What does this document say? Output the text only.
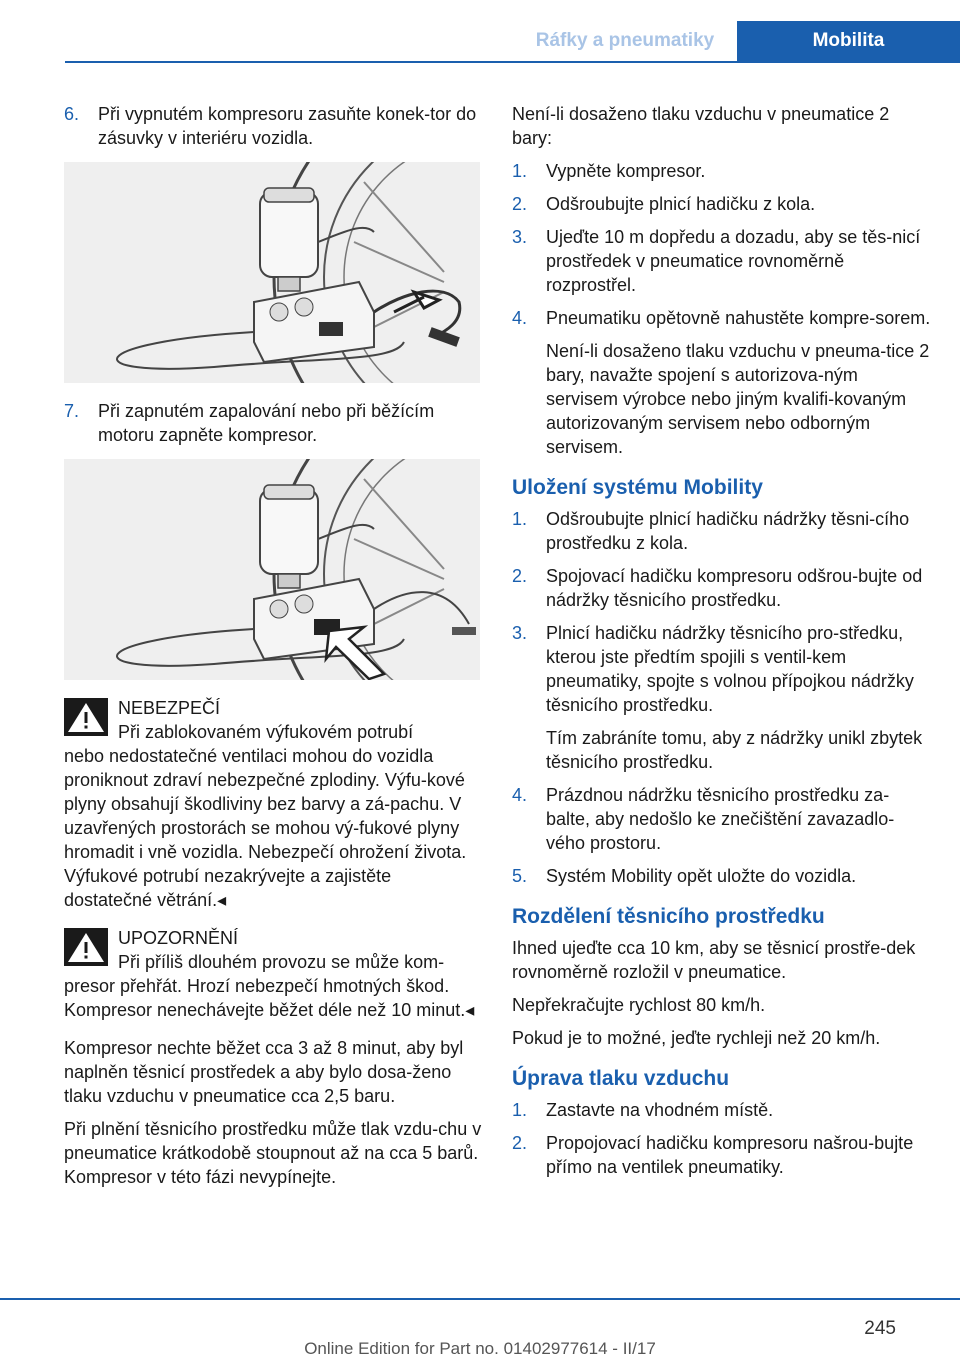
Ráfky a pneumatiky	Mobilita
6.	Při vypnutém kompresoru zasuňte konek-tor do zásuvky v interiéru vozidla.
7.	Při zapnutém zapalování nebo při běžícím motoru zapněte kompresor.
NEBEZPEČÍ
Při zablokovaném výfukovém potrubí
nebo nedostatečné ventilaci mohou do vozidla proniknout zdraví nebezpečné zplodiny. Výfu-kové plyny obsahují škodliviny bez barvy a zá-pachu. V uzavřených prostorách se mohou vý-fukové plyny hromadit i vně vozidla. Nebezpečí ohrožení života. Výfukové potrubí nezakrývejte a zajistěte dostatečné větrání.◂
UPOZORNĚNÍ
Při příliš dlouhém provozu se může kom-
presor přehřát. Hrozí nebezpečí hmotných škod. Kompresor nenechávejte běžet déle než 10 minut.◂

Kompresor nechte běžet cca 3 až 8 minut, aby byl naplněn těsnicí prostředek a aby bylo dosa-ženo tlaku vzduchu v pneumatice cca 2,5 baru.

Při plnění těsnicího prostředku může tlak vzdu-chu v pneumatice krátkodobě stoupnout až na cca 5 barů. Kompresor v této fázi nevypínejte.

Není-li dosaženo tlaku vzduchu v pneumatice 2 bary:

1.	Vypněte kompresor.
2.	Odšroubujte plnicí hadičku z kola.
3.	Ujeďte 10 m dopředu a dozadu, aby se těs-nicí prostředek v pneumatice rovnoměrně rozprostřel.
4.	Pneumatiku opětovně nahustěte kompre-sorem.

Není-li dosaženo tlaku vzduchu v pneuma-tice 2 bary, navažte spojení s autorizova-ným servisem výrobce nebo jiným kvalifi-kovaným autorizovaným servisem nebo odborným servisem.

Uložení systému Mobility
1.	Odšroubujte plnicí hadičku nádržky těsni-cího prostředku z kola.
2.	Spojovací hadičku kompresoru odšrou-bujte od nádržky těsnicího prostředku.
3.	Plnicí hadičku nádržky těsnicího pro-středku, kterou jste předtím spojili s ventil-kem pneumatiky, spojte s volnou přípojkou nádržky těsnicího prostředku.

Tím zabráníte tomu, aby z nádržky unikl zbytek těsnicího prostředku.

4.	Prázdnou nádržku těsnicího prostředku za-balte, aby nedošlo ke znečištění zavazadlo-vého prostoru.
5.	Systém Mobility opět uložte do vozidla.
Rozdělení těsnicího prostředku

Ihned ujeďte cca 10 km, aby se těsnicí prostře-dek rovnoměrně rozložil v pneumatice.

Nepřekračujte rychlost 80 km/h.

Pokud je to možné, jeďte rychleji než 20 km/h.

Úprava tlaku vzduchu
1.	Zastavte na vhodném místě.
2.	Propojovací hadičku kompresoru našrou-bujte přímo na ventilek pneumatiky.
245
Online Edition for Part no. 01402977614 - II/17
